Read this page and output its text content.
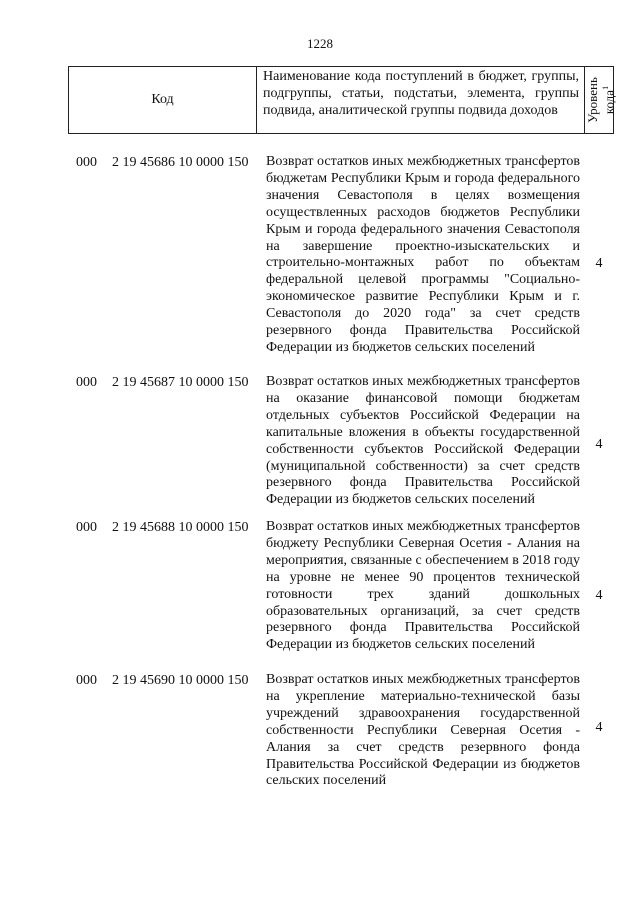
1228
Код
Наименование кода поступлений в бюджет, группы, подгруппы, статьи, подстатьи, элемента, группы подвида, аналитической группы подвида доходов	Уровень кода$^1$
000 2 19 45686 10 0000 150 Возврат остатков иных межбюджетных трансфертов бюджетам Республики Крым и города федерального значения Севастополя в целях возмещения осуществленных расходов бюджетов Республики Крым и города федерального значения Севастополя на завершение проектно-изыскательских и строительно-монтажных работ по объектам федеральной целевой программы "Социально-экономическое развитие Республики Крым и г. Севастополя до 2020 года" за счет средств резервного фонда Правительства Российской Федерации из бюджетов сельских поселений
4
000 2 19 45687 10 0000 150 Возврат остатков иных межбюджетных трансфертов на оказание финансовой помощи бюджетам отдельных субъектов Российской Федерации на капитальные вложения в объекты государственной собственности субъектов Российской Федерации (муниципальной собственности) за счет средств резервного фонда Правительства Российской Федерации из бюджетов сельских поселений
4
000 2 19 45688 10 0000 150 Возврат остатков иных межбюджетных трансфертов бюджету Республики Северная Осетия - Алания на мероприятия, связанные с обеспечением в 2018 году на уровне не менее 90 процентов технической готовности трех зданий дошкольных образовательных организаций, за счет средств резервного фонда Правительства Российской Федерации из бюджетов сельских поселений
4
000 2 19 45690 10 0000 150 Возврат остатков иных межбюджетных трансфертов на укрепление материально-технической базы учреждений здравоохранения государственной собственности Республики Северная Осетия - Алания за счет средств резервного фонда Правительства Российской Федерации из бюджетов сельских поселений
4
